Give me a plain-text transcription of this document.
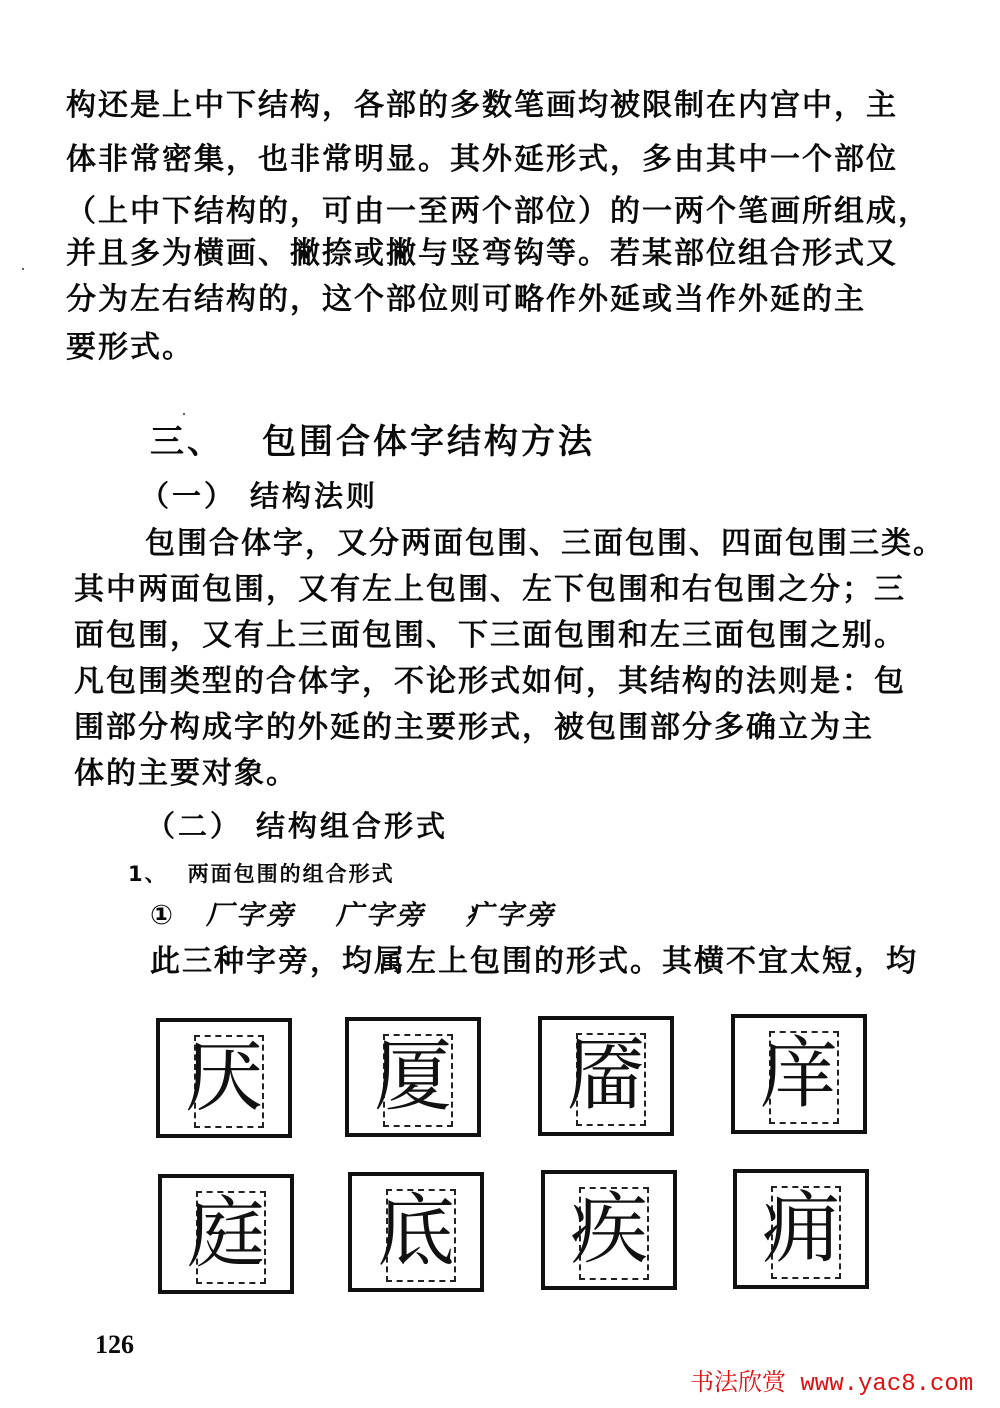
构还是上中下结构，各部的多数笔画均被限制在内宫中，主
体非常密集，也非常明显。其外延形式，多由其中一个部位
（上中下结构的，可由一至两个部位）的一两个笔画所组成，
并且多为横画、撇捺或撇与竖弯钩等。若某部位组合形式又
分为左右结构的，这个部位则可略作外延或当作外延的主
要形式。
三、 包围合体字结构方法
（一） 结构法则
包围合体字，又分两面包围、三面包围、四面包围三类。
其中两面包围，又有左上包围、左下包围和右包围之分；三
面包围，又有上三面包围、下三面包围和左三面包围之别。
凡包围类型的合体字，不论形式如何，其结构的法则是：包
围部分构成字的外延的主要形式，被包围部分多确立为主
体的主要对象。
（二） 结构组合形式
1、 两面包围的组合形式
① 厂字旁 广字旁 疒字旁
此三种字旁，均属左上包围的形式。其横不宜太短，均
厌	厦	靥	庠
庭	底	疾	痈
126
书法欣赏 www.yac8.com
